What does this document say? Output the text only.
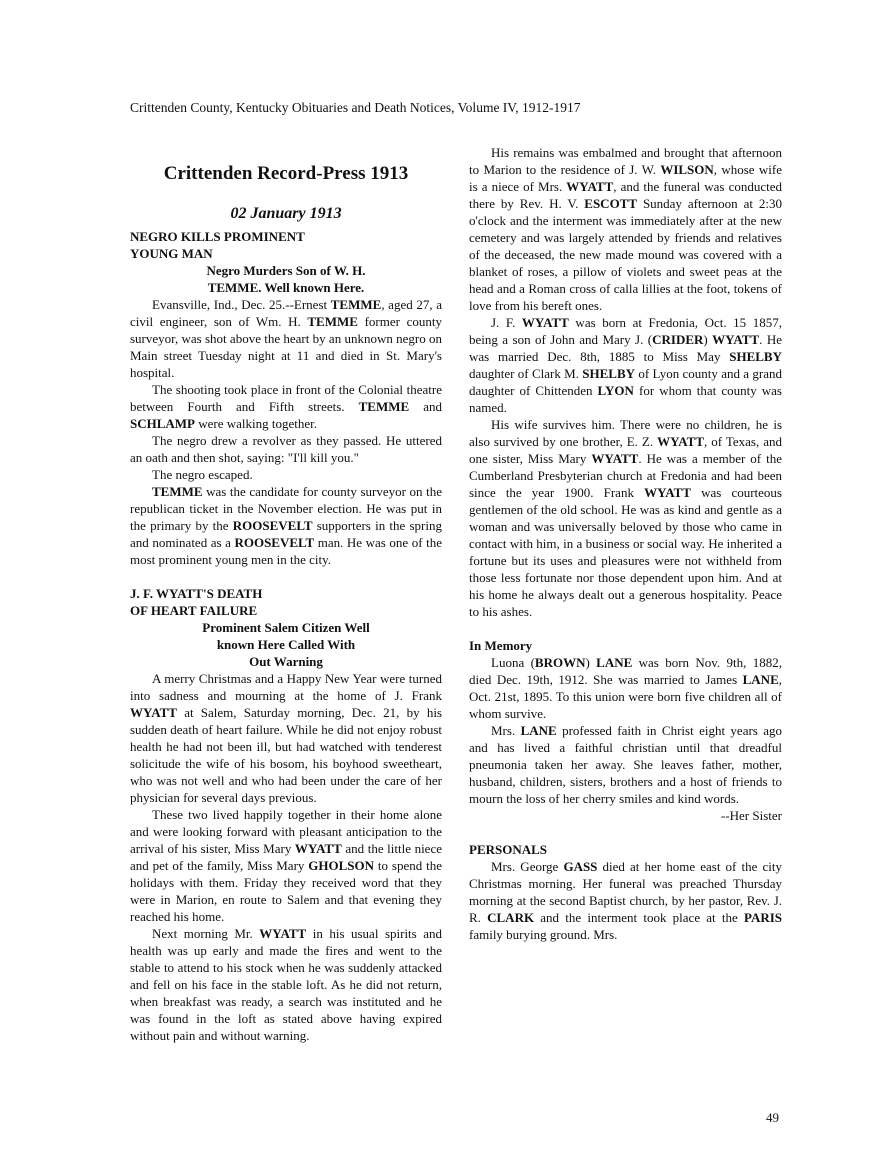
Crittenden County, Kentucky Obituaries and Death Notices, Volume IV, 1912-1917
Crittenden Record-Press 1913
02 January 1913
NEGRO KILLS PROMINENT
YOUNG MAN
Negro Murders Son of W. H.
TEMME. Well known Here.

Evansville, Ind., Dec. 25.--Ernest TEMME, aged 27, a civil engineer, son of Wm. H. TEMME former county surveyor, was shot above the heart by an unknown negro on Main street Tuesday night at 11 and died in St. Mary's hospital.

The shooting took place in front of the Colonial theatre between Fourth and Fifth streets. TEMME and SCHLAMP were walking together.

The negro drew a revolver as they passed. He uttered an oath and then shot, saying: "I'll kill you."

The negro escaped.

TEMME was the candidate for county surveyor on the republican ticket in the November election. He was put in the primary by the ROOSEVELT supporters in the spring and nominated as a ROOSEVELT man. He was one of the most prominent young men in the city.

J. F. WYATT'S DEATH
OF HEART FAILURE
Prominent Salem Citizen Well
known Here Called With
Out Warning

A merry Christmas and a Happy New Year were turned into sadness and mourning at the home of J. Frank WYATT at Salem, Saturday morning, Dec. 21, by his sudden death of heart failure. While he did not enjoy robust health he had not been ill, but had watched with tenderest solicitude the wife of his bosom, his boyhood sweetheart, who was not well and who had been under the care of her physician for several days previous.

These two lived happily together in their home alone and were looking forward with pleasant anticipation to the arrival of his sister, Miss Mary WYATT and the little niece and pet of the family, Miss Mary GHOLSON to spend the holidays with them. Friday they received word that they were in Marion, en route to Salem and that evening they reached his home.

Next morning Mr. WYATT in his usual spirits and health was up early and made the fires and went to the stable to attend to his stock when he was suddenly attacked and fell on his face in the stable loft. As he did not return, when breakfast was ready, a search was instituted and he was found in the loft as stated above having expired without pain and without warning.

His remains was embalmed and brought that afternoon to Marion to the residence of J. W. WILSON, whose wife is a niece of Mrs. WYATT, and the funeral was conducted there by Rev. H. V. ESCOTT Sunday afternoon at 2:30 o'clock and the interment was immediately after at the new cemetery and was largely attended by friends and relatives of the deceased, the new made mound was covered with a blanket of roses, a pillow of violets and sweet peas at the head and a Roman cross of calla lillies at the foot, tokens of love from his bereft ones.

J. F. WYATT was born at Fredonia, Oct. 15 1857, being a son of John and Mary J. (CRIDER) WYATT. He was married Dec. 8th, 1885 to Miss May SHELBY daughter of Clark M. SHELBY of Lyon county and a grand daughter of Chittenden LYON for whom that county was named.

His wife survives him. There were no children, he is also survived by one brother, E. Z. WYATT, of Texas, and one sister, Miss Mary WYATT. He was a member of the Cumberland Presbyterian church at Fredonia and had been since the year 1900. Frank WYATT was courteous gentlemen of the old school. He was as kind and gentle as a woman and was universally beloved by those who came in contact with him, in a business or social way. He inherited a fortune but its uses and pleasures were not withheld from those less fortunate nor those dependent upon him. And at his home he always dealt out a generous hospitality. Peace to his ashes.

In Memory

Luona (BROWN) LANE was born Nov. 9th, 1882, died Dec. 19th, 1912. She was married to James LANE, Oct. 21st, 1895. To this union were born five children all of whom survive.

Mrs. LANE professed faith in Christ eight years ago and has lived a faithful christian until that dreadful pneumonia taken her away. She leaves father, mother, husband, children, sisters, brothers and a host of friends to mourn the loss of her cherry smiles and kind words.

--Her Sister
PERSONALS

Mrs. George GASS died at her home east of the city Christmas morning. Her funeral was preached Thursday morning at the second Baptist church, by her pastor, Rev. J. R. CLARK and the interment took place at the PARIS family burying ground. Mrs.

49
